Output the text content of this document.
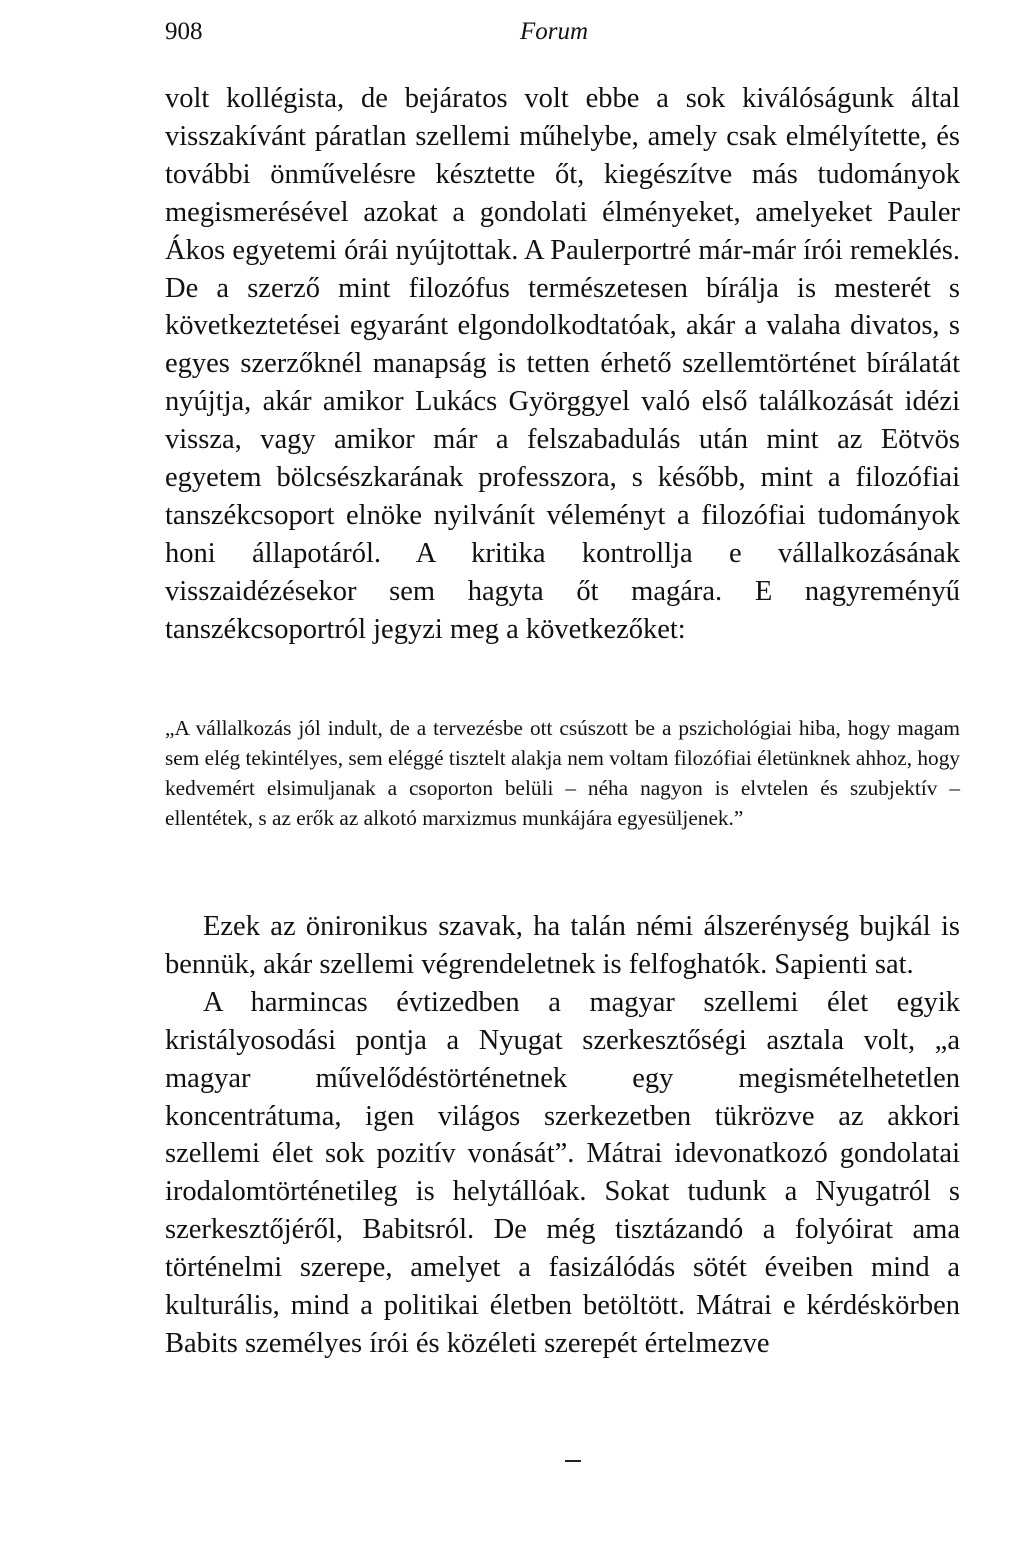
908	Forum

volt kollégista, de bejáratos volt ebbe a sok kiválóságunk által visszakívánt páratlan szellemi műhelybe, amely csak elmélyítette, és további önművelésre késztette őt, kiegészítve más tudományok megismerésével azokat a gondolati élményeket, amelyeket Pauler Ákos egyetemi órái nyújtottak. A Paulerportré már-már írói remeklés. De a szerző mint filozófus természetesen bírálja is mesterét s következtetései egyaránt elgondolkodtatóak, akár a valaha divatos, s egyes szerzőknél manapság is tetten érhető szellemtörténet bírálatát nyújtja, akár amikor Lukács Györggyel való első találkozását idézi vissza, vagy amikor már a felszabadulás után mint az Eötvös egyetem bölcsészkarának professzora, s később, mint a filozófiai tanszékcsoport elnöke nyilvánít véleményt a filozófiai tudományok honi állapotáról. A kritika kontrollja e vállalkozásának visszaidézésekor sem hagyta őt magára. E nagyreményű tanszékcsoportról jegyzi meg a következőket:

„A vállalkozás jól indult, de a tervezésbe ott csúszott be a pszichológiai hiba, hogy magam sem elég tekintélyes, sem eléggé tisztelt alakja nem voltam filozófiai életünknek ahhoz, hogy kedvemért elsimuljanak a csoporton belüli – néha nagyon is elvtelen és szubjektív – ellentétek, s az erők az alkotó marxizmus munkájára egyesüljenek.”

Ezek az önironikus szavak, ha talán némi álszerénység bujkál is bennük, akár szellemi végrendeletnek is felfoghatók. Sapienti sat.

A harmincas évtizedben a magyar szellemi élet egyik kristályosodási pontja a Nyugat szerkesztőségi asztala volt, „a magyar művelődéstörténetnek egy megismételhetetlen koncentrátuma, igen világos szerkezetben tükrözve az akkori szellemi élet sok pozitív vonását”. Mátrai idevonatkozó gondolatai irodalomtörténetileg is helytállóak. Sokat tudunk a Nyugatról s szerkesztőjéről, Babitsról. De még tisztázandó a folyóirat ama történelmi szerepe, amelyet a fasizálódás sötét éveiben mind a kulturális, mind a politikai életben betöltött. Mátrai e kérdéskörben Babits személyes írói és közéleti szerepét értelmezve
